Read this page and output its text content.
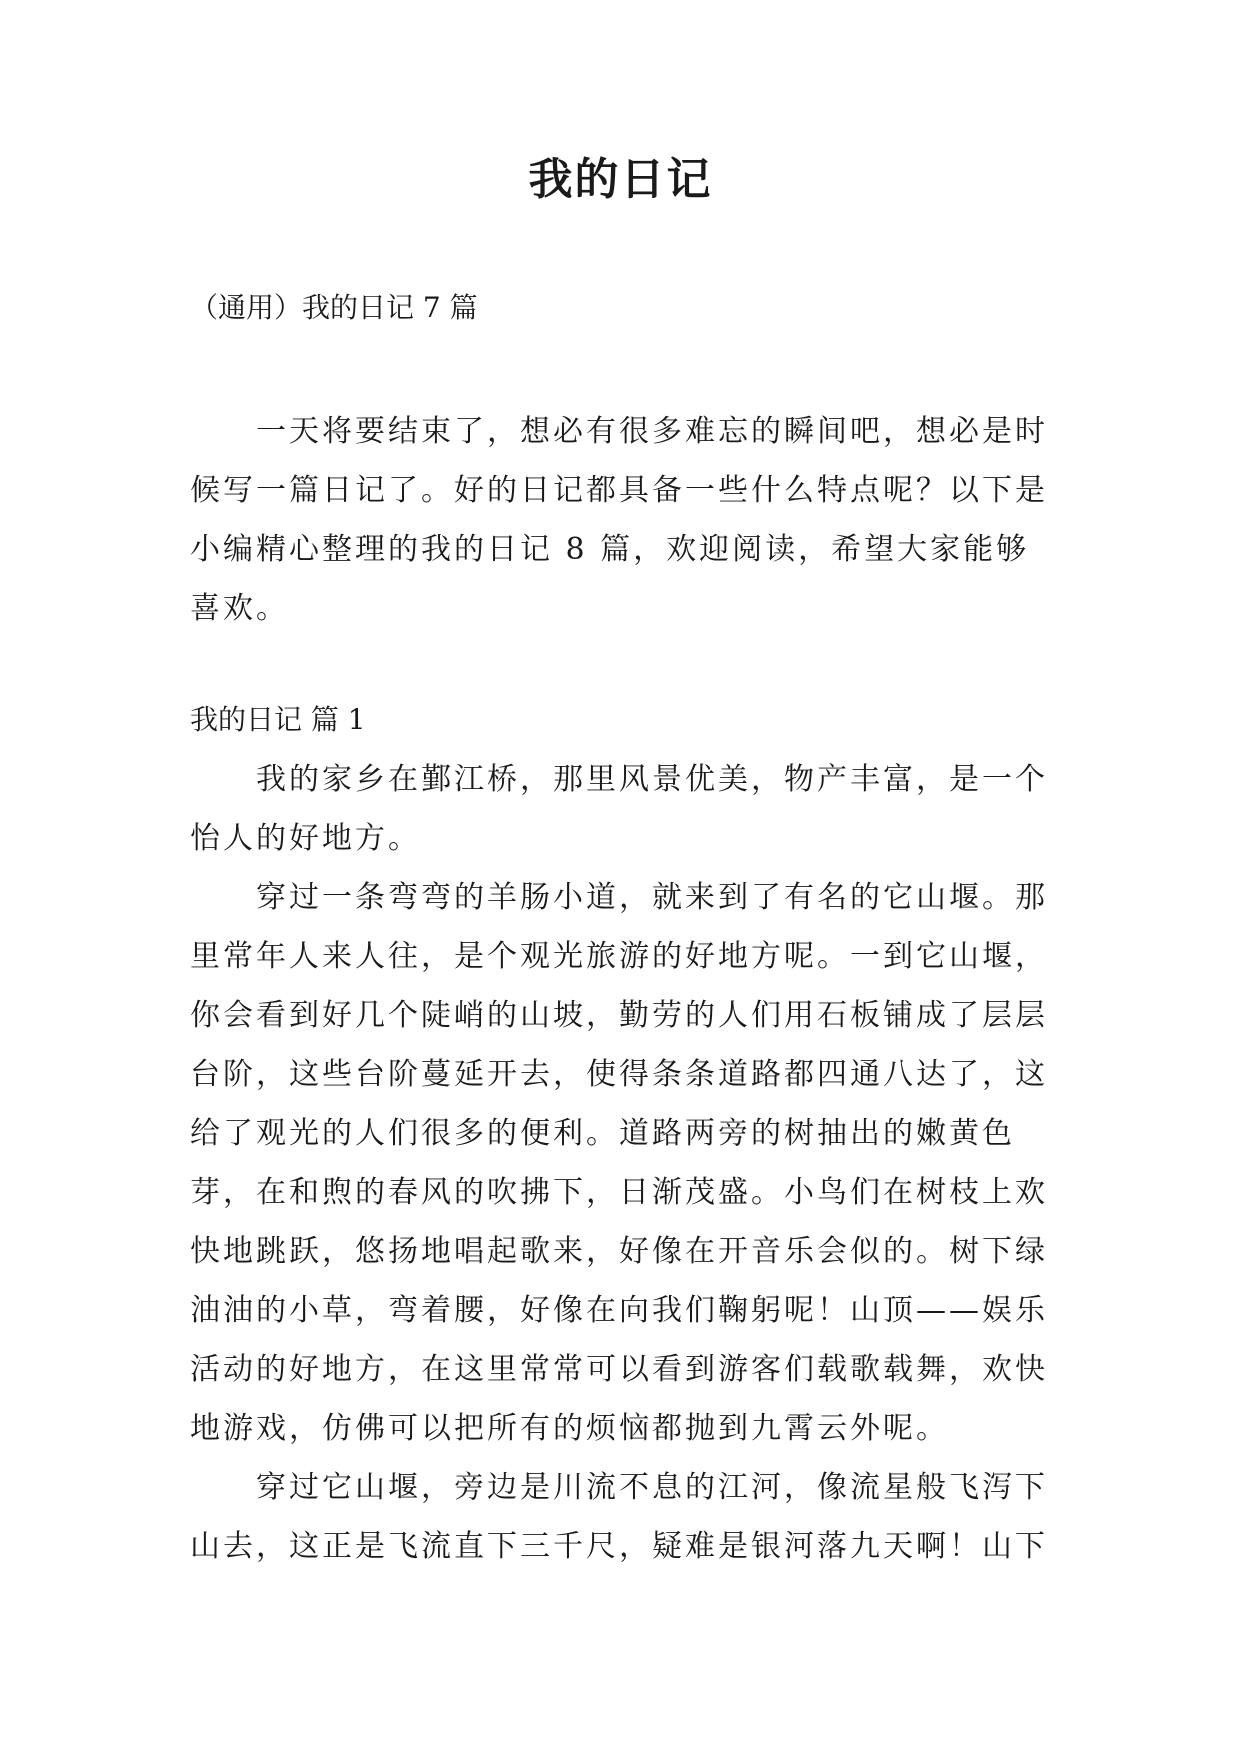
我的日记
（通用）我的日记 7 篇

一天将要结束了，想必有很多难忘的瞬间吧，想必是时候写一篇日记了。好的日记都具备一些什么特点呢？以下是小编精心整理的我的日记 8 篇，欢迎阅读，希望大家能够喜欢。

我的日记 篇 1

我的家乡在鄞江桥，那里风景优美，物产丰富，是一个怡人的好地方。

穿过一条弯弯的羊肠小道，就来到了有名的它山堰。那里常年人来人往，是个观光旅游的好地方呢。一到它山堰，你会看到好几个陡峭的山坡，勤劳的人们用石板铺成了层层台阶，这些台阶蔓延开去，使得条条道路都四通八达了，这给了观光的人们很多的便利。道路两旁的树抽出的嫩黄色芽，在和煦的春风的吹拂下，日渐茂盛。小鸟们在树枝上欢快地跳跃，悠扬地唱起歌来，好像在开音乐会似的。树下绿油油的小草，弯着腰，好像在向我们鞠躬呢！山顶——娱乐活动的好地方，在这里常常可以看到游客们载歌载舞，欢快地游戏，仿佛可以把所有的烦恼都抛到九霄云外呢。

穿过它山堰，旁边是川流不息的江河，像流星般飞泻下山去，这正是飞流直下三千尺，疑难是银河落九天啊！山下
